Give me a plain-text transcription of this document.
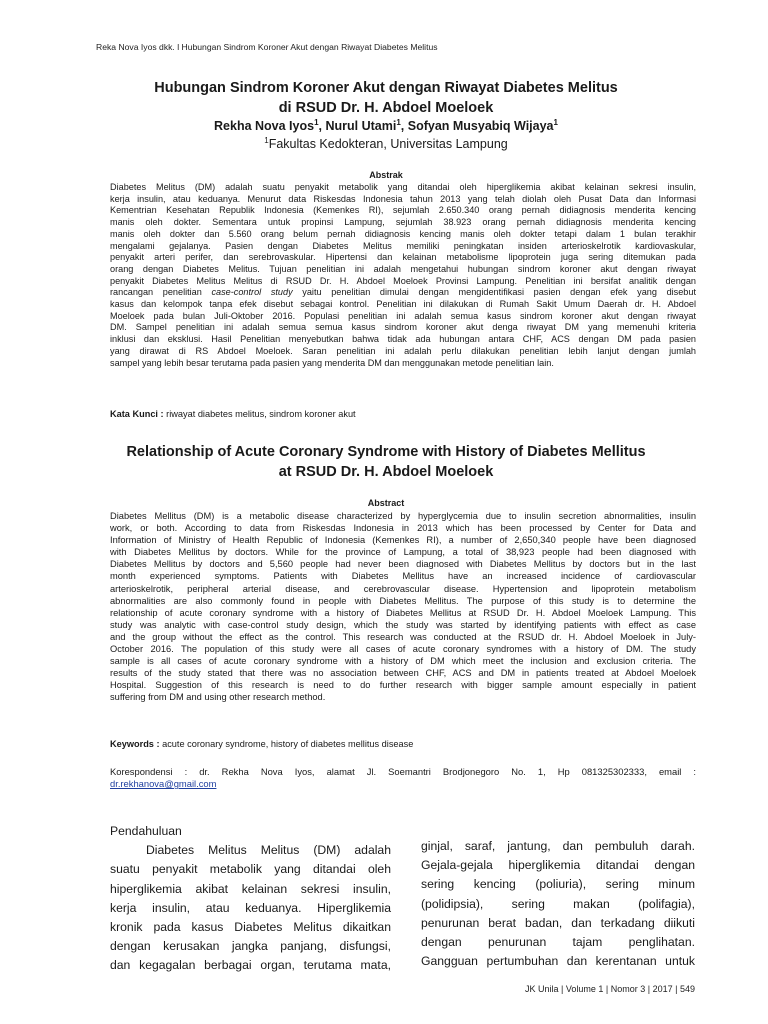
Reka Nova Iyos dkk. l Hubungan Sindrom Koroner Akut dengan Riwayat Diabetes Melitus
Hubungan Sindrom Koroner Akut dengan Riwayat Diabetes Melitus
di RSUD Dr. H. Abdoel Moeloek
Rekha Nova Iyos$^1$, Nurul Utami$^1$, Sofyan Musyabiq Wijaya$^1$
$^1$Fakultas Kedokteran, Universitas Lampung
Abstrak
Diabetes Melitus (DM) adalah suatu penyakit metabolik yang ditandai oleh hiperglikemia akibat kelainan sekresi insulin,
kerja insulin, atau keduanya. Menurut data Riskesdas Indonesia tahun 2013 yang telah diolah oleh Pusat Data dan Informasi
Kementrian Kesehatan Republik Indonesia (Kemenkes RI), sejumlah 2.650.340 orang pernah didiagnosis menderita kencing
manis oleh dokter. Sementara untuk propinsi Lampung, sejumlah 38.923 orang pernah didiagnosis menderita kencing
manis oleh dokter dan 5.560 orang belum pernah didiagnosis kencing manis oleh dokter tetapi dalam 1 bulan terakhir
mengalami gejalanya. Pasien dengan Diabetes Melitus memiliki peningkatan insiden arterioskelrotik kardiovaskular,
penyakit arteri perifer, dan serebrovaskular. Hipertensi dan kelainan metabolisme lipoprotein juga sering ditemukan pada
orang dengan Diabetes Melitus. Tujuan penelitian ini adalah mengetahui hubungan sindrom koroner akut dengan riwayat
penyakit Diabetes Melitus Melitus di RSUD Dr. H. Abdoel Moeloek Provinsi Lampung. Penelitian ini bersifat analitik dengan
rancangan penelitian case-control study yaitu penelitian dimulai dengan mengidentifikasi pasien dengan efek yang disebut
kasus dan kelompok tanpa efek disebut sebagai kontrol. Penelitian ini dilakukan di Rumah Sakit Umum Daerah dr. H. Abdoel
Moeloek pada bulan Juli-Oktober 2016. Populasi penelitian ini adalah semua kasus sindrom koroner akut dengan riwayat
DM. Sampel penelitian ini adalah semua semua kasus sindrom koroner akut denga riwayat DM yang memenuhi kriteria
inklusi dan eksklusi. Hasil Penelitian menyebutkan bahwa tidak ada hubungan antara CHF, ACS dengan DM pada pasien
yang dirawat di RS Abdoel Moeloek. Saran penelitian ini adalah perlu dilakukan penelitian lebih lanjut dengan jumlah
sampel yang lebih besar terutama pada pasien yang menderita DM dan menggunakan metode penelitian lain.
Kata Kunci : riwayat diabetes melitus, sindrom koroner akut
Relationship of Acute Coronary Syndrome with History of Diabetes Mellitus
at RSUD Dr. H. Abdoel Moeloek
Abstract
Diabetes Mellitus (DM) is a metabolic disease characterized by hyperglycemia due to insulin secretion abnormalities, insulin
work, or both. According to data from Riskesdas Indonesia in 2013 which has been processed by Center for Data and
Information of Ministry of Health Republic of Indonesia (Kemenkes RI), a number of 2,650,340 people have been diagnosed
with Diabetes Mellitus by doctors. While for the province of Lampung, a total of 38,923 people had been diagnosed with
Diabetes Mellitus by doctors and 5,560 people had never been diagnosed with Diabetes Mellitus by doctors but in the last
month experienced symptoms. Patients with Diabetes Mellitus have an increased incidence of cardiovascular
arterioskelrotik, peripheral arterial disease, and cerebrovascular disease. Hypertension and lipoprotein metabolism
abnormalities are also commonly found in people with Diabetes Mellitus. The purpose of this study is to determine the
relationship of acute coronary syndrome with a history of Diabetes Mellitus at RSUD Dr. H. Abdoel Moeloek Lampung. This
study was analytic with case-control study design, which the study was started by identifying patients with effect as case
and the group without the effect as the control. This research was conducted at the RSUD dr. H. Abdoel Moeloek in July-
October 2016. The population of this study were all cases of acute coronary syndromes with a history of DM. The study
sample is all cases of acute coronary syndrome with a history of DM which meet the inclusion and exclusion criteria. The
results of the study stated that there was no association between CHF, ACS and DM in patients treated at Abdoel Moeloek
Hospital. Suggestion of this research is need to do further research with bigger sample amount especially in patient
suffering from DM and using other research method.
Keywords : acute coronary syndrome, history of diabetes mellitus disease
Korespondensi : dr. Rekha Nova Iyos, alamat Jl. Soemantri Brodjonegoro No. 1, Hp 081325302333, email :
dr.rekhanova@gmail.com
Pendahuluan
Diabetes Melitus Melitus (DM) adalah
suatu penyakit metabolik yang ditandai oleh
hiperglikemia akibat kelainan sekresi insulin,
kerja insulin, atau keduanya. Hiperglikemia
kronik pada kasus Diabetes Melitus dikaitkan
dengan kerusakan jangka panjang, disfungsi,
dan kegagalan berbagai organ, terutama mata,
ginjal, saraf, jantung, dan pembuluh darah.
Gejala-gejala hiperglikemia ditandai dengan
sering kencing (poliuria), sering minum
(polidipsia), sering makan (polifagia),
penurunan berat badan, dan terkadang diikuti
dengan penurunan tajam penglihatan.
Gangguan pertumbuhan dan kerentanan untuk
JK Unila | Volume 1 | Nomor 3 | 2017 | 549
